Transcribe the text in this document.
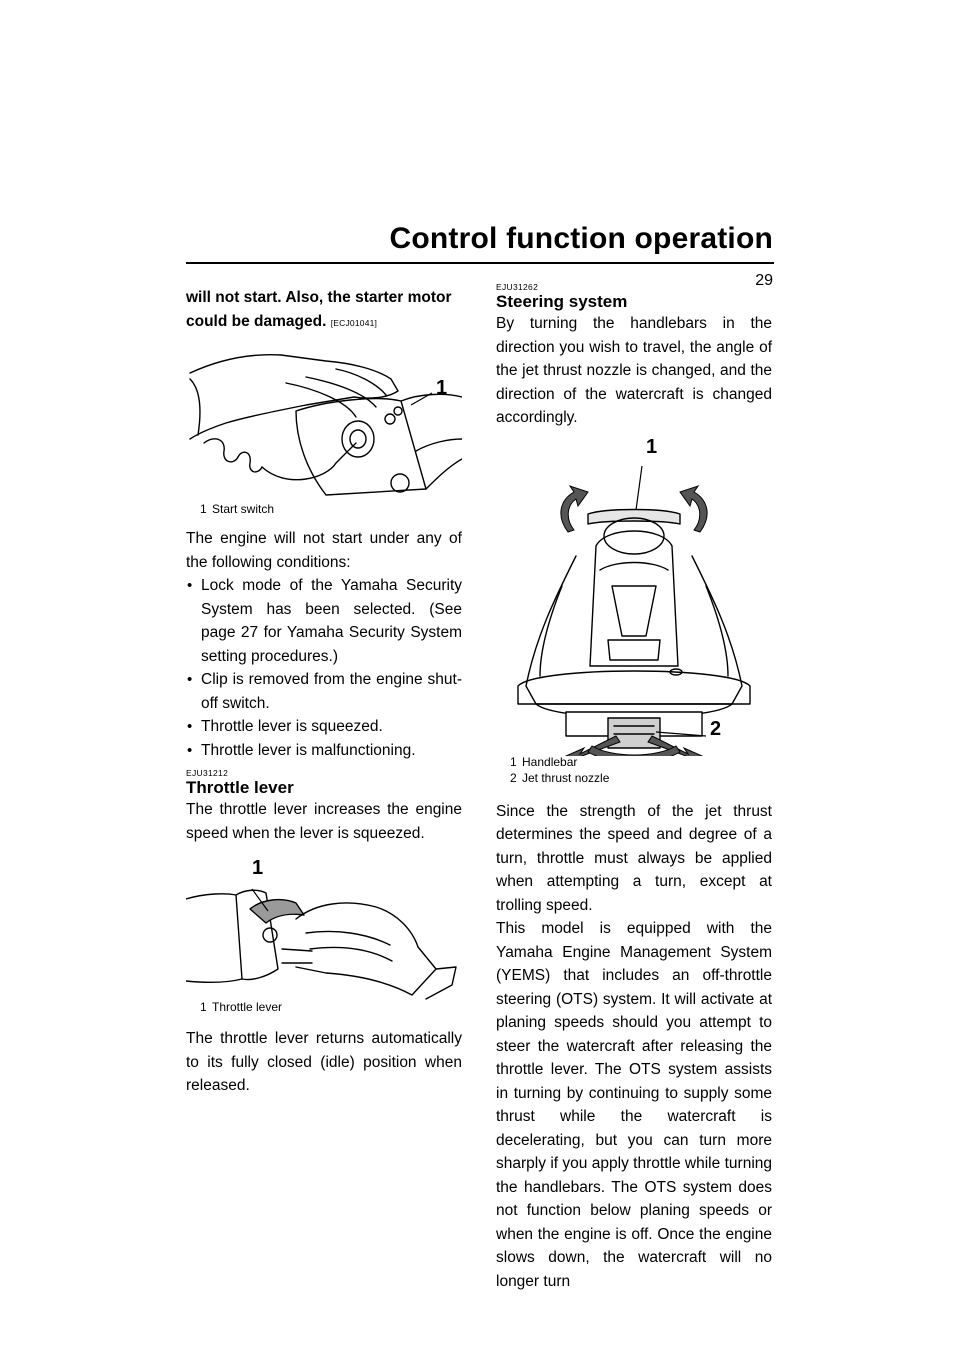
Control function operation
29

will not start. Also, the starter motor could be damaged. [ECJ01041]

1
1 Start switch

The engine will not start under any of the following conditions:

• Lock mode of the Yamaha Security System has been selected. (See page 27 for Yamaha Security System setting procedures.)
• Clip is removed from the engine shut-off switch.
• Throttle lever is squeezed.
• Throttle lever is malfunctioning.
EJU31212
Throttle lever

The throttle lever increases the engine speed when the lever is squeezed.

1
1 Throttle lever

The throttle lever returns automatically to its fully closed (idle) position when released.

EJU31262
Steering system

By turning the handlebars in the direction you wish to travel, the angle of the jet thrust nozzle is changed, and the direction of the watercraft is changed accordingly.

1
2
1 Handlebar
2 Jet thrust nozzle

Since the strength of the jet thrust determines the speed and degree of a turn, throttle must always be applied when attempting a turn, except at trolling speed.

This model is equipped with the Yamaha Engine Management System (YEMS) that includes an off-throttle steering (OTS) system. It will activate at planing speeds should you attempt to steer the watercraft after releasing the throttle lever. The OTS system assists in turning by continuing to supply some thrust while the watercraft is decelerating, but you can turn more sharply if you apply throttle while turning the handlebars. The OTS system does not function below planing speeds or when the engine is off. Once the engine slows down, the watercraft will no longer turn
